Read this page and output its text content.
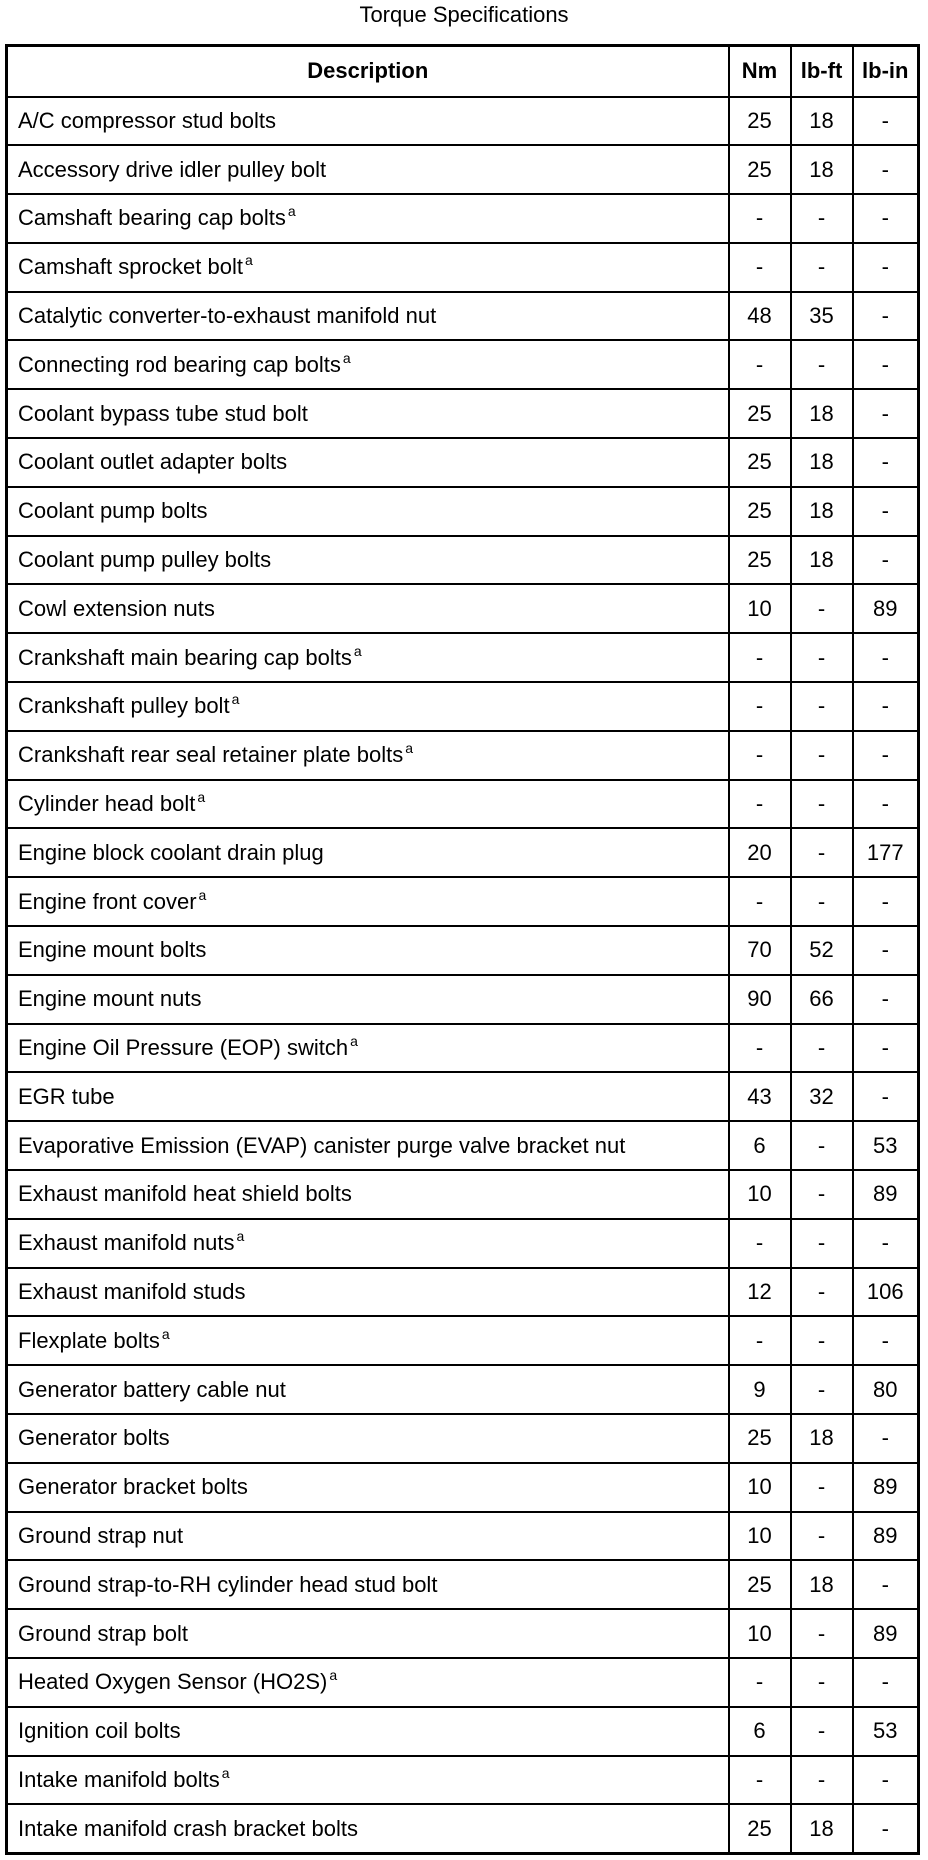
Torque Specifications
Description	Nm	lb-ft	lb-in
A/C compressor stud bolts	25	18	-
Accessory drive idler pulley bolt	25	18	-
Camshaft bearing cap bolts $^a$	-	-	-
Camshaft sprocket bolt $^a$	-	-	-
Catalytic converter-to-exhaust manifold nut	48	35	-
Connecting rod bearing cap bolts $^a$	-	-	-
Coolant bypass tube stud bolt	25	18	-
Coolant outlet adapter bolts	25	18	-
Coolant pump bolts	25	18	-
Coolant pump pulley bolts	25	18	-
Cowl extension nuts	10	-	89
Crankshaft main bearing cap bolts $^a$	-	-	-
Crankshaft pulley bolt $^a$	-	-	-
Crankshaft rear seal retainer plate bolts $^a$	-	-	-
Cylinder head bolt $^a$	-	-	-
Engine block coolant drain plug	20	-	177
Engine front cover $^a$	-	-	-
Engine mount bolts	70	52	-
Engine mount nuts	90	66	-
Engine Oil Pressure (EOP) switch $^a$	-	-	-
EGR tube	43	32	-
Evaporative Emission (EVAP) canister purge valve bracket nut	6	-	53
Exhaust manifold heat shield bolts	10	-	89
Exhaust manifold nuts $^a$	-	-	-
Exhaust manifold studs	12	-	106
Flexplate bolts $^a$	-	-	-
Generator battery cable nut	9	-	80
Generator bolts	25	18	-
Generator bracket bolts	10	-	89
Ground strap nut	10	-	89
Ground strap-to-RH cylinder head stud bolt	25	18	-
Ground strap bolt	10	-	89
Heated Oxygen Sensor (HO2S) $^a$	-	-	-
Ignition coil bolts	6	-	53
Intake manifold bolts $^a$	-	-	-
Intake manifold crash bracket bolts	25	18	-
